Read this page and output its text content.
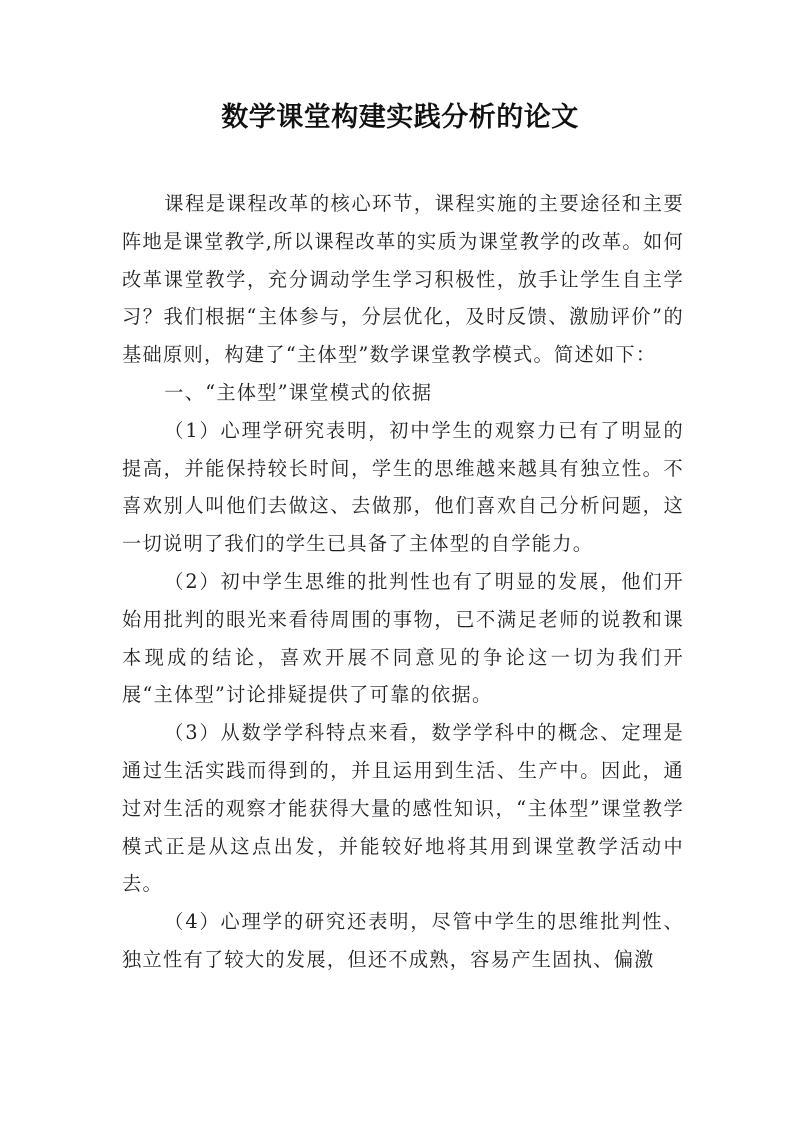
数学课堂构建实践分析的论文

课程是课程改革的核心环节，课程实施的主要途径和主要阵地是课堂教学,所以课程改革的实质为课堂教学的改革。如何改革课堂教学，充分调动学生学习积极性，放手让学生自主学习？我们根据“主体参与，分层优化，及时反馈、激励评价”的基础原则，构建了“主体型”数学课堂教学模式。简述如下：

一、“主体型”课堂模式的依据

（1）心理学研究表明，初中学生的观察力已有了明显的提高，并能保持较长时间，学生的思维越来越具有独立性。不喜欢别人叫他们去做这、去做那，他们喜欢自己分析问题，这一切说明了我们的学生已具备了主体型的自学能力。

（2）初中学生思维的批判性也有了明显的发展，他们开始用批判的眼光来看待周围的事物，已不满足老师的说教和课本现成的结论，喜欢开展不同意见的争论这一切为我们开展“主体型”讨论排疑提供了可靠的依据。

（3）从数学学科特点来看，数学学科中的概念、定理是通过生活实践而得到的，并且运用到生活、生产中。因此，通过对生活的观察才能获得大量的感性知识，“主体型”课堂教学模式正是从这点出发，并能较好地将其用到课堂教学活动中去。

（4）心理学的研究还表明，尽管中学生的思维批判性、独立性有了较大的发展，但还不成熟，容易产生固执、偏激
